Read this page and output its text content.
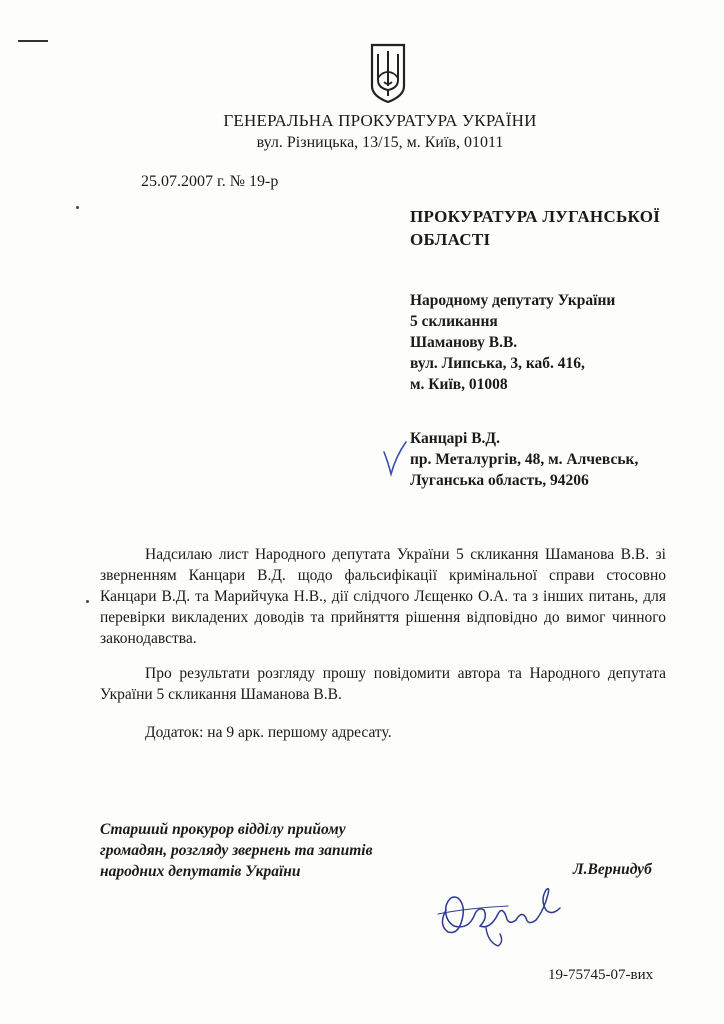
ГЕНЕРАЛЬНА ПРОКУРАТУРА УКРАЇНИ
вул. Різницька, 13/15, м. Київ, 01011
25.07.2007 г. № 19-р
ПРОКУРАТУРА ЛУГАНСЬКОЇ
ОБЛАСТІ
Народному депутату України
5 скликання
Шаманову В.В.
вул. Липська, 3, каб. 416,
м. Київ, 01008
Канцарі В.Д.
пр. Металургів, 48, м. Алчевськ,
Луганська область, 94206
Надсилаю лист Народного депутата України 5 скликання Шаманова В.В. зі зверненням Канцари В.Д. щодо фальсифікації кримінальної справи стосовно Канцари В.Д. та Марийчука Н.В., дії слідчого Лєщенко О.А. та з інших питань, для перевірки викладених доводів та прийняття рішення відповідно до вимог чинного законодавства.
Про результати розгляду прошу повідомити автора та Народного депутата України 5 скликання Шаманова В.В.
Додаток: на 9 арк. першому адресату.
Старший прокурор відділу прийому
громадян, розгляду звернень та запитів
народних депутатів України	Л.Вернидуб
19-75745-07-вих
